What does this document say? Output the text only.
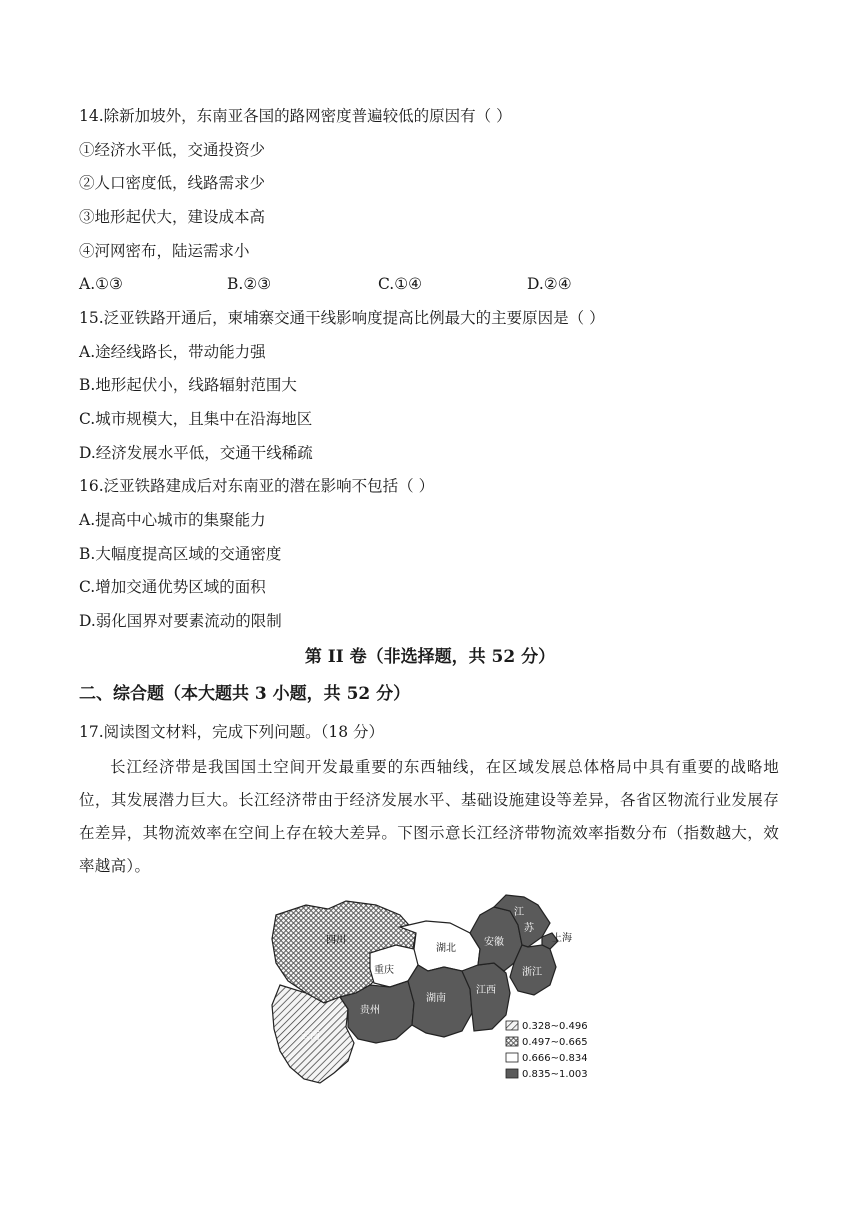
14.除新加坡外，东南亚各国的路网密度普遍较低的原因有（ ）
①经济水平低，交通投资少
②人口密度低，线路需求少
③地形起伏大，建设成本高
④河网密布，陆运需求小
A.①③	B.②③	C.①④	D.②④
15.泛亚铁路开通后，柬埔寨交通干线影响度提高比例最大的主要原因是（ ）
A.途经线路长，带动能力强
B.地形起伏小，线路辐射范围大
C.城市规模大，且集中在沿海地区
D.经济发展水平低，交通干线稀疏
16.泛亚铁路建成后对东南亚的潜在影响不包括（ ）
A.提高中心城市的集聚能力
B.大幅度提高区域的交通密度
C.增加交通优势区域的面积
D.弱化国界对要素流动的限制
第 II 卷（非选择题，共 52 分）
二、综合题（本大题共 3 小题，共 52 分）
17.阅读图文材料，完成下列问题。（18 分）
长江经济带是我国国土空间开发最重要的东西轴线，在区域发展总体格局中具有重要的战略地位，其发展潜力巨大。长江经济带由于经济发展水平、基础设施建设等差异，各省区物流行业发展存在差异，其物流效率在空间上存在较大差异。下图示意长江经济带物流效率指数分布（指数越大，效率越高）。
四川
重庆
湖北
安徽
江
苏
上海
浙江
江西
湖南
贵州
云南
0.328~0.496
0.497~0.665
0.666~0.834
0.835~1.003
